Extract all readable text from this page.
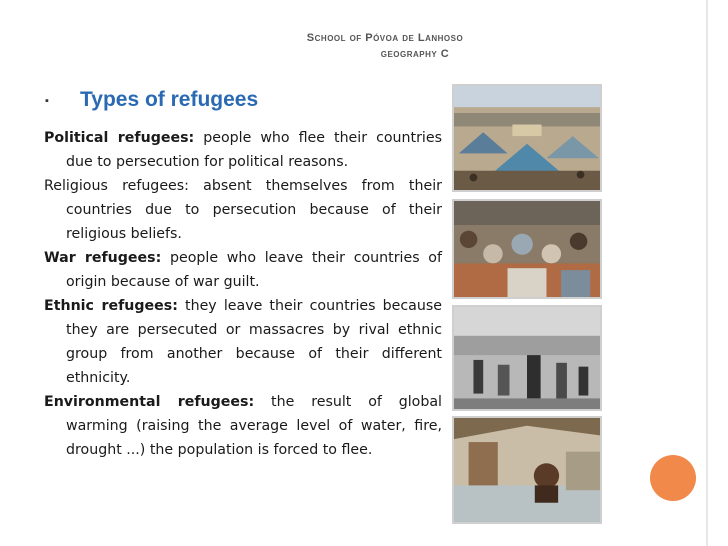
School of Póvoa de Lanhoso
geography C
▪ Types of refugees

Political refugees: people who flee their countries due to persecution for political reasons.

Religious refugees: absent themselves from their countries due to persecution because of their religious beliefs.

War refugees: people who leave their countries of origin because of war guilt.

Ethnic refugees: they leave their countries because they are persecuted or massacres by rival ethnic group from another because of their different ethnicity.

Environmental refugees: the result of global warming (raising the average level of water, fire, drought ...) the population is forced to flee.
